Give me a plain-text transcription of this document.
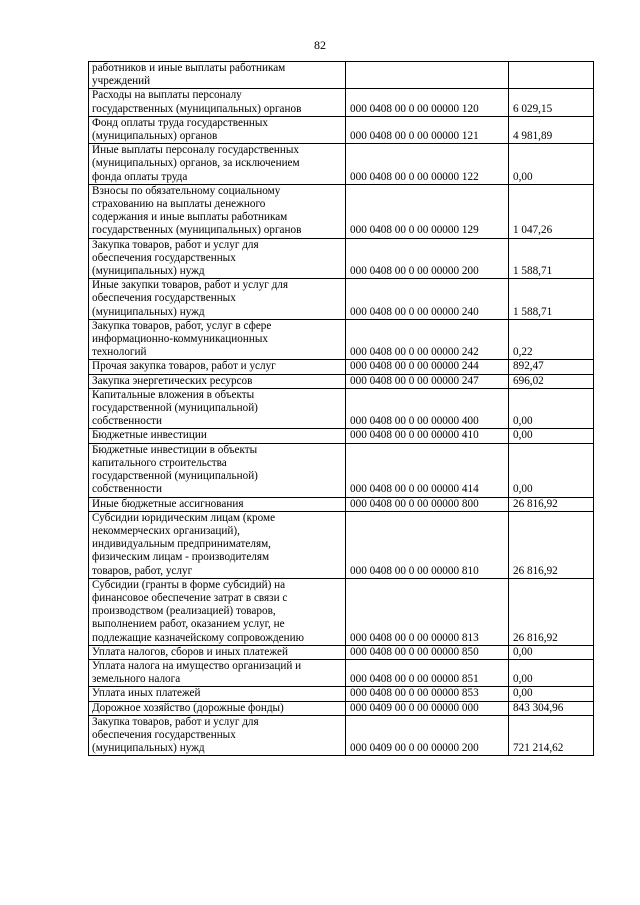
82
работников и иные выплаты работникам
учреждений		
Расходы на выплаты персоналу
государственных (муниципальных) органов	000 0408 00 0 00 00000 120	6 029,15
Фонд оплаты труда государственных
(муниципальных) органов	000 0408 00 0 00 00000 121	4 981,89
Иные выплаты персоналу государственных
(муниципальных) органов, за исключением
фонда оплаты труда	000 0408 00 0 00 00000 122	0,00
Взносы по обязательному социальному
страхованию на выплаты денежного
содержания и иные выплаты работникам
государственных (муниципальных) органов	000 0408 00 0 00 00000 129	1 047,26
Закупка товаров, работ и услуг для
обеспечения государственных
(муниципальных) нужд	000 0408 00 0 00 00000 200	1 588,71
Иные закупки товаров, работ и услуг для
обеспечения государственных
(муниципальных) нужд	000 0408 00 0 00 00000 240	1 588,71
Закупка товаров, работ, услуг в сфере
информационно-коммуникационных
технологий	000 0408 00 0 00 00000 242	0,22
Прочая закупка товаров, работ и услуг	000 0408 00 0 00 00000 244	892,47
Закупка энергетических ресурсов	000 0408 00 0 00 00000 247	696,02
Капитальные вложения в объекты
государственной (муниципальной)
собственности	000 0408 00 0 00 00000 400	0,00
Бюджетные инвестиции	000 0408 00 0 00 00000 410	0,00
Бюджетные инвестиции в объекты
капитального строительства
государственной (муниципальной)
собственности	000 0408 00 0 00 00000 414	0,00
Иные бюджетные ассигнования	000 0408 00 0 00 00000 800	26 816,92
Субсидии юридическим лицам (кроме
некоммерческих организаций),
индивидуальным предпринимателям,
физическим лицам - производителям
товаров, работ, услуг	000 0408 00 0 00 00000 810	26 816,92
Субсидии (гранты в форме субсидий) на
финансовое обеспечение затрат в связи с
производством (реализацией) товаров,
выполнением работ, оказанием услуг, не
подлежащие казначейскому сопровождению	000 0408 00 0 00 00000 813	26 816,92
Уплата налогов, сборов и иных платежей	000 0408 00 0 00 00000 850	0,00
Уплата налога на имущество организаций и
земельного налога	000 0408 00 0 00 00000 851	0,00
Уплата иных платежей	000 0408 00 0 00 00000 853	0,00
Дорожное хозяйство (дорожные фонды)	000 0409 00 0 00 00000 000	843 304,96
Закупка товаров, работ и услуг для
обеспечения государственных
(муниципальных) нужд	000 0409 00 0 00 00000 200	721 214,62
